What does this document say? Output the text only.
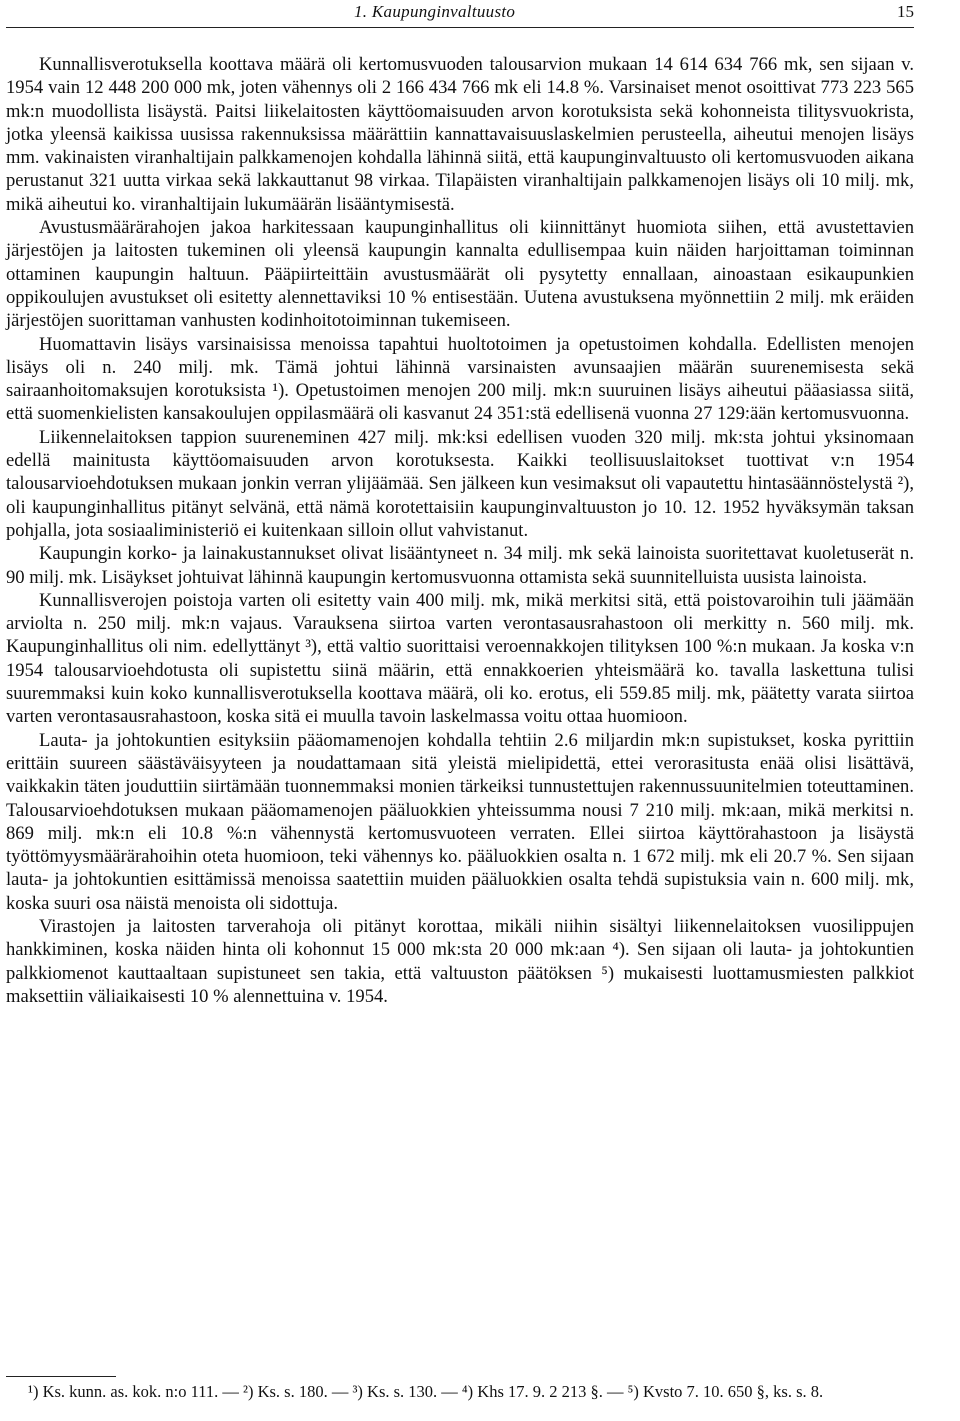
1. Kaupunginvaltuusto	15

Kunnallisverotuksella koottava määrä oli kertomusvuoden talousarvion mukaan 14 614 634 766 mk, sen sijaan v. 1954 vain 12 448 200 000 mk, joten vähennys oli 2 166 434 766 mk eli 14.8 %. Varsinaiset menot osoittivat 773 223 565 mk:n muodollista lisäystä. Paitsi liikelaitosten käyttöomaisuuden arvon korotuksista sekä kohonneista tilitysvuokrista, jotka yleensä kaikissa uusissa rakennuksissa määrättiin kannattavaisuuslaskelmien perusteella, aiheutui menojen lisäys mm. vakinaisten viranhaltijain palkkamenojen kohdalla lähinnä siitä, että kaupunginvaltuusto oli kertomusvuoden aikana perustanut 321 uutta virkaa sekä lakkauttanut 98 virkaa. Tilapäisten viranhaltijain palkkamenojen lisäys oli 10 milj. mk, mikä aiheutui ko. viranhaltijain lukumäärän lisääntymisestä.

Avustusmäärärahojen jakoa harkitessaan kaupunginhallitus oli kiinnittänyt huomiota siihen, että avustettavien järjestöjen ja laitosten tukeminen oli yleensä kaupungin kannalta edullisempaa kuin näiden harjoittaman toiminnan ottaminen kaupungin haltuun. Pääpiirteittäin avustusmäärät oli pysytetty ennallaan, ainoastaan esikaupunkien oppikoulujen avustukset oli esitetty alennettaviksi 10 % entisestään. Uutena avustuksena myönnettiin 2 milj. mk eräiden järjestöjen suorittaman vanhusten kodinhoitotoiminnan tukemiseen.

Huomattavin lisäys varsinaisissa menoissa tapahtui huoltotoimen ja opetustoimen kohdalla. Edellisten menojen lisäys oli n. 240 milj. mk. Tämä johtui lähinnä varsinaisten avunsaajien määrän suurenemisesta sekä sairaanhoitomaksujen korotuksista ¹). Opetustoimen menojen 200 milj. mk:n suuruinen lisäys aiheutui pääasiassa siitä, että suomenkielisten kansakoulujen oppilasmäärä oli kasvanut 24 351:stä edellisenä vuonna 27 129:ään kertomusvuonna.

Liikennelaitoksen tappion suureneminen 427 milj. mk:ksi edellisen vuoden 320 milj. mk:sta johtui yksinomaan edellä mainitusta käyttöomaisuuden arvon korotuksesta. Kaikki teollisuuslaitokset tuottivat v:n 1954 talousarvioehdotuksen mukaan jonkin verran ylijäämää. Sen jälkeen kun vesimaksut oli vapautettu hintasäännöstelystä ²), oli kaupunginhallitus pitänyt selvänä, että nämä korotettaisiin kaupunginvaltuuston jo 10. 12. 1952 hyväksymän taksan pohjalla, jota sosiaaliministeriö ei kuitenkaan silloin ollut vahvistanut.

Kaupungin korko- ja lainakustannukset olivat lisääntyneet n. 34 milj. mk sekä lainoista suoritettavat kuoletuserät n. 90 milj. mk. Lisäykset johtuivat lähinnä kaupungin kertomusvuonna ottamista sekä suunnitelluista uusista lainoista.

Kunnallisverojen poistoja varten oli esitetty vain 400 milj. mk, mikä merkitsi sitä, että poistovaroihin tuli jäämään arviolta n. 250 milj. mk:n vajaus. Varauksena siirtoa varten verontasausrahastoon oli merkitty n. 560 milj. mk. Kaupunginhallitus oli nim. edellyttänyt ³), että valtio suorittaisi veroennakkojen tilityksen 100 %:n mukaan. Ja koska v:n 1954 talousarvioehdotusta oli supistettu siinä määrin, että ennakkoerien yhteismäärä ko. tavalla laskettuna tulisi suuremmaksi kuin koko kunnallisverotuksella koottava määrä, oli ko. erotus, eli 559.85 milj. mk, päätetty varata siirtoa varten verontasausrahastoon, koska sitä ei muulla tavoin laskelmassa voitu ottaa huomioon.

Lauta- ja johtokuntien esityksiin pääomamenojen kohdalla tehtiin 2.6 miljardin mk:n supistukset, koska pyrittiin erittäin suureen säästäväisyyteen ja noudattamaan sitä yleistä mielipidettä, ettei verorasitusta enää olisi lisättävä, vaikkakin täten jouduttiin siirtämään tuonnemmaksi monien tärkeiksi tunnustettujen rakennussuunitelmien toteuttaminen. Talousarvioehdotuksen mukaan pääomamenojen pääluokkien yhteissumma nousi 7 210 milj. mk:aan, mikä merkitsi n. 869 milj. mk:n eli 10.8 %:n vähennystä kertomusvuoteen verraten. Ellei siirtoa käyttörahastoon ja lisäystä työttömyysmäärärahoihin oteta huomioon, teki vähennys ko. pääluokkien osalta n. 1 672 milj. mk eli 20.7 %. Sen sijaan lauta- ja johtokuntien esittämissä menoissa saatettiin muiden pääluokkien osalta tehdä supistuksia vain n. 600 milj. mk, koska suuri osa näistä menoista oli sidottuja.

Virastojen ja laitosten tarverahoja oli pitänyt korottaa, mikäli niihin sisältyi liikennelaitoksen vuosilippujen hankkiminen, koska näiden hinta oli kohonnut 15 000 mk:sta 20 000 mk:aan ⁴). Sen sijaan oli lauta- ja johtokuntien palkkiomenot kauttaaltaan supistuneet sen takia, että valtuuston päätöksen ⁵) mukaisesti luottamusmiesten palkkiot maksettiin väliaikaisesti 10 % alennettuina v. 1954.

¹) Ks. kunn. as. kok. n:o 111. — ²) Ks. s. 180. — ³) Ks. s. 130. — ⁴) Khs 17. 9. 2 213 §. — ⁵) Kvsto 7. 10. 650 §, ks. s. 8.
